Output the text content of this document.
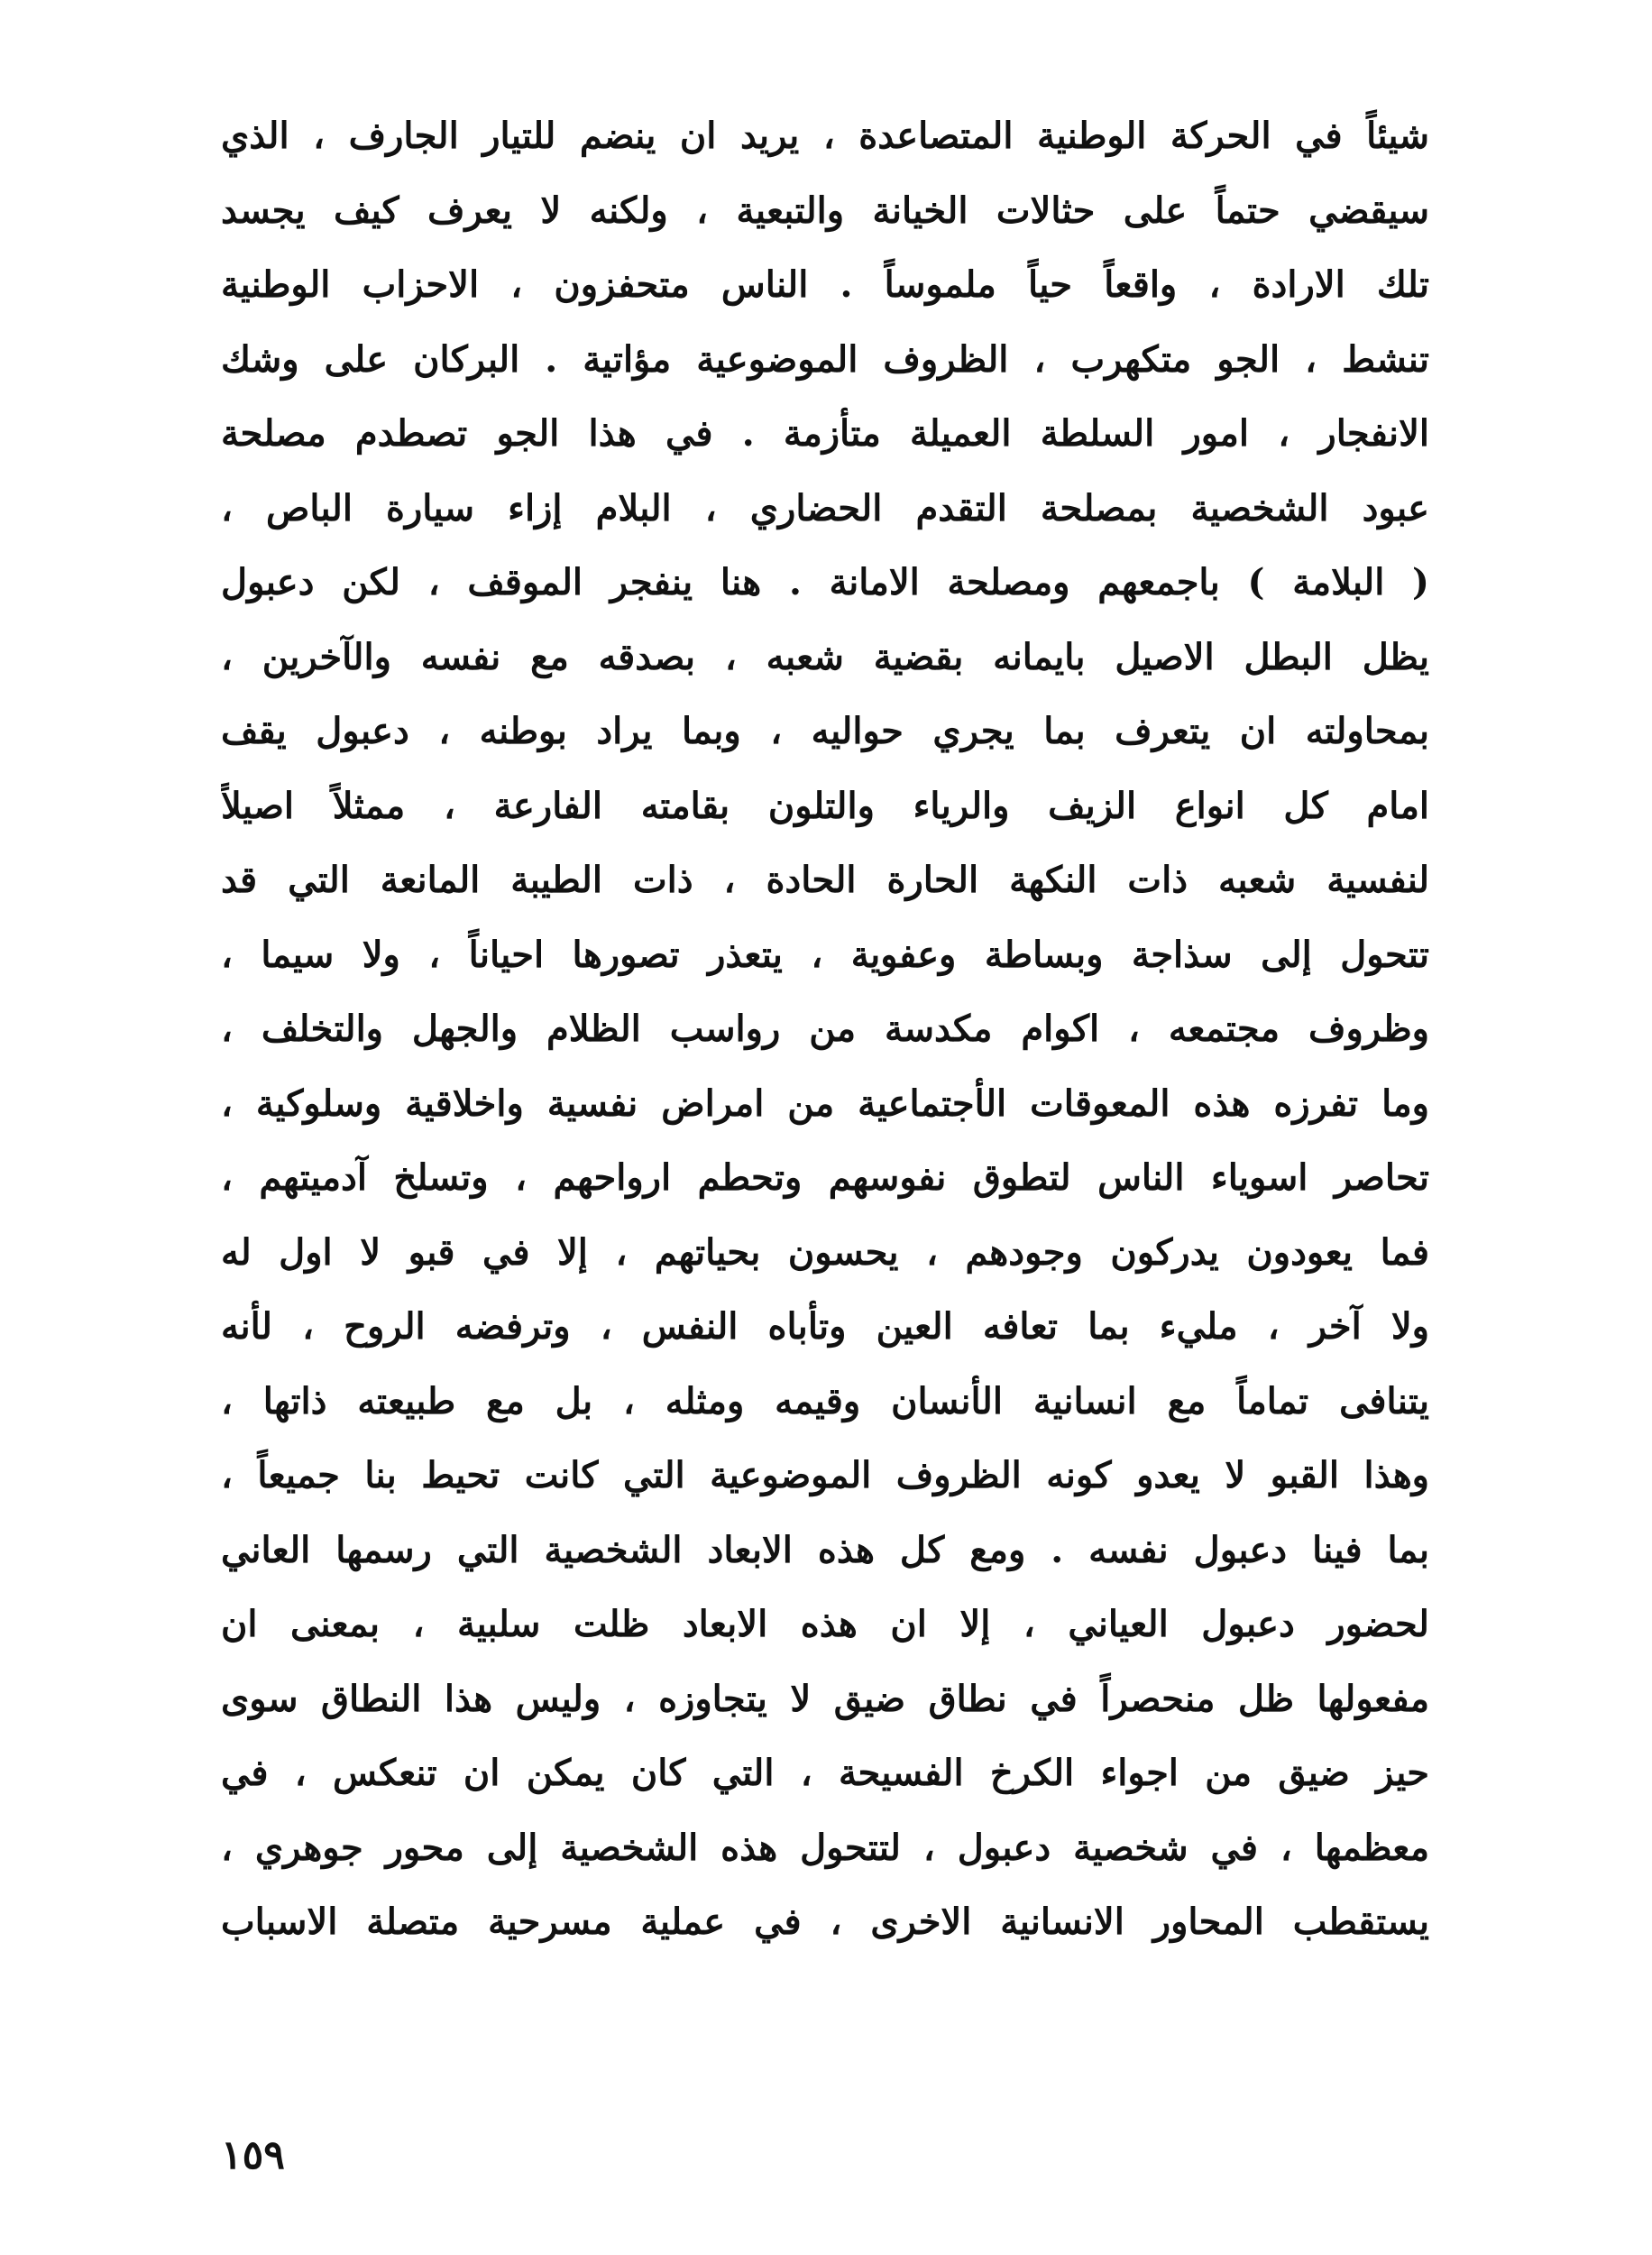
شيئاً في الحركة الوطنية المتصاعدة ، يريد ان ينضم للتيار الجارف ، الذي
سيقضي حتماً على حثالات الخيانة والتبعية ، ولكنه لا يعرف كيف يجسد
تلك الارادة ، واقعاً حياً ملموساً . الناس متحفزون ، الاحزاب الوطنية
تنشط ، الجو متكهرب ، الظروف الموضوعية مؤاتية . البركان على وشك
الانفجار ، امور السلطة العميلة متأزمة . في هذا الجو تصطدم مصلحة
عبود الشخصية بمصلحة التقدم الحضاري ، البلام إزاء سيارة الباص ،
( البلامة ) باجمعهم ومصلحة الامانة . هنا ينفجر الموقف ، لكن دعبول
يظل البطل الاصيل بايمانه بقضية شعبه ، بصدقه مع نفسه والآخرين ،
بمحاولته ان يتعرف بما يجري حواليه ، وبما يراد بوطنه ، دعبول يقف
امام كل انواع الزيف والرياء والتلون بقامته الفارعة ، ممثلاً اصيلاً
لنفسية شعبه ذات النكهة الحارة الحادة ، ذات الطيبة المانعة التي قد
تتحول إلى سذاجة وبساطة وعفوية ، يتعذر تصورها احياناً ، ولا سيما ،
وظروف مجتمعه ، اكوام مكدسة من رواسب الظلام والجهل والتخلف ،
وما تفرزه هذه المعوقات الأجتماعية من امراض نفسية واخلاقية وسلوكية ،
تحاصر اسوياء الناس لتطوق نفوسهم وتحطم ارواحهم ، وتسلخ آدميتهم ،
فما يعودون يدركون وجودهم ، يحسون بحياتهم ، إلا في قبو لا اول له
ولا آخر ، مليء بما تعافه العين وتأباه النفس ، وترفضه الروح ، لأنه
يتنافى تماماً مع انسانية الأنسان وقيمه ومثله ، بل مع طبيعته ذاتها ،
وهذا القبو لا يعدو كونه الظروف الموضوعية التي كانت تحيط بنا جميعاً ،
بما فينا دعبول نفسه . ومع كل هذه الابعاد الشخصية التي رسمها العاني
لحضور دعبول العياني ، إلا ان هذه الابعاد ظلت سلبية ، بمعنى ان
مفعولها ظل منحصراً في نطاق ضيق لا يتجاوزه ، وليس هذا النطاق سوى
حيز ضيق من اجواء الكرخ الفسيحة ، التي كان يمكن ان تنعكس ، في
معظمها ، في شخصية دعبول ، لتتحول هذه الشخصية إلى محور جوهري ،
يستقطب المحاور الانسانية الاخرى ، في عملية مسرحية متصلة الاسباب
١٥٩
